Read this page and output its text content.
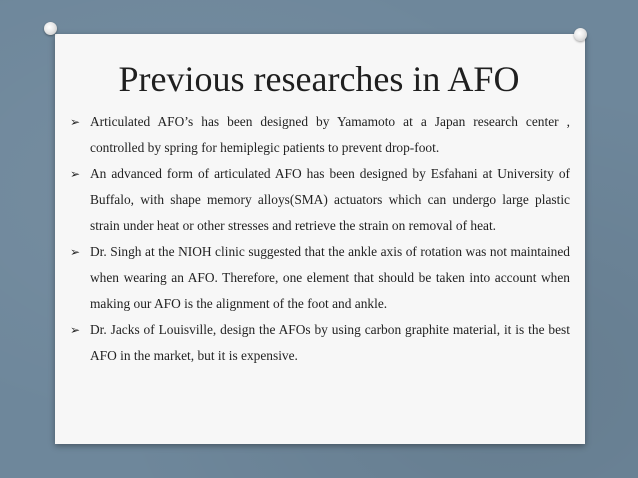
Previous researches in AFO
➢ Articulated AFO’s has been designed by Yamamoto at a Japan research center , controlled by spring for hemiplegic patients to prevent drop-foot.
➢ An advanced form of articulated AFO has been designed by Esfahani at University of Buffalo, with shape memory alloys(SMA) actuators which can undergo large plastic strain under heat or other stresses and retrieve the strain on removal of heat.
➢ Dr. Singh at the NIOH clinic suggested that the ankle axis of rotation was not maintained when wearing an AFO. Therefore, one element that should be taken into account when making our AFO is the alignment of the foot and ankle.
➢ Dr. Jacks of Louisville, design the AFOs by using carbon graphite material, it is the best AFO in the market, but it is expensive.
